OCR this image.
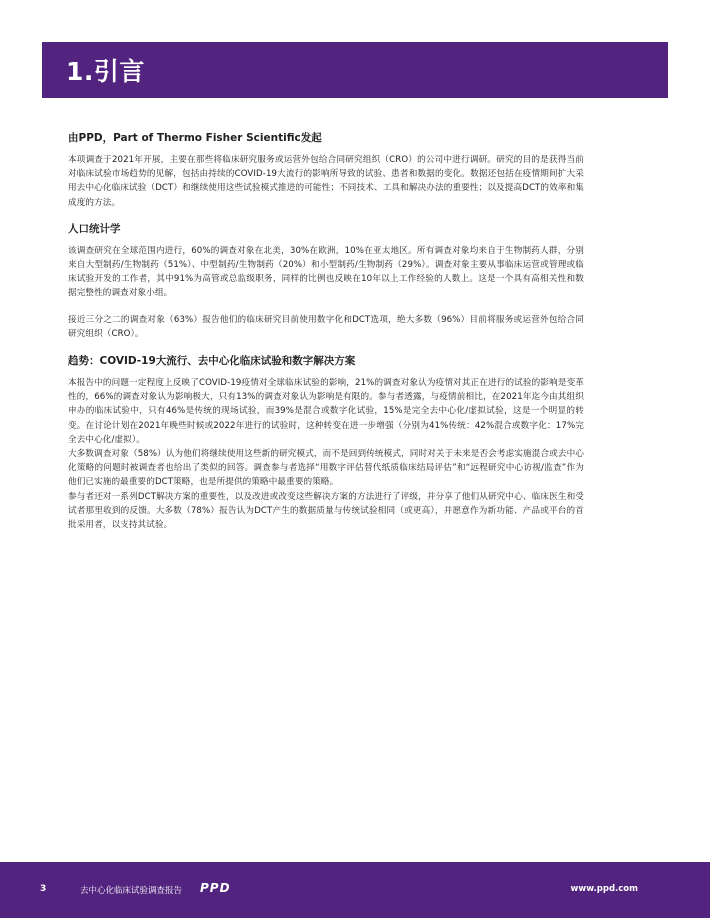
1.引言
由PPD，Part of Thermo Fisher Scientific发起

本项调查于2021年开展，主要在那些将临床研究服务或运营外包给合同研究组织（CRO）的公司中进行调研。研究的目的是获得当前对临床试验市场趋势的见解，包括由持续的COVID-19大流行的影响所导致的试验、患者和数据的变化。数据还包括在疫情期间扩大采用去中心化临床试验（DCT）和继续使用这些试验模式推进的可能性；不同技术、工具和解决办法的重要性；以及提高DCT的效率和集成度的方法。

人口统计学

该调查研究在全球范围内进行，60%的调查对象在北美，30%在欧洲，10%在亚太地区。所有调查对象均来自于生物制药人群，分别来自大型制药/生物制药（51%）、中型制药/生物制药（20%）和小型制药/生物制药（29%）。调查对象主要从事临床运营或管理或临床试验开发的工作者，其中91%为高管或总监级职务，同样的比例也反映在10年以上工作经验的人数上。这是一个具有高相关性和数据完整性的调查对象小组。

接近三分之二的调查对象（63%）报告他们的临床研究目前使用数字化和DCT选项，绝大多数（96%）目前将服务或运营外包给合同研究组织（CRO）。

趋势：COVID-19大流行、去中心化临床试验和数字解决方案

本报告中的问题一定程度上反映了COVID-19疫情对全球临床试验的影响，21%的调查对象认为疫情对其正在进行的试验的影响是变革性的，66%的调查对象认为影响极大，只有13%的调查对象认为影响是有限的。参与者透露，与疫情前相比，在2021年迄今由其组织申办的临床试验中，只有46%是传统的现场试验，而39%是混合或数字化试验，15%是完全去中心化/虚拟试验，这是一个明显的转变。在讨论计划在2021年晚些时候或2022年进行的试验时，这种转变在进一步增强（分别为41%传统：42%混合或数字化：17%完全去中心化/虚拟）。

大多数调查对象（58%）认为他们将继续使用这些新的研究模式，而不是回到传统模式，同时对关于未来是否会考虑实施混合或去中心化策略的问题时被调查者也给出了类似的回答。调查参与者选择“用数字评估替代纸质临床结局评估”和“远程研究中心访视/监查”作为他们已实施的最重要的DCT策略，也是所提供的策略中最重要的策略。

参与者还对一系列DCT解决方案的重要性，以及改进或改变这些解决方案的方法进行了评级，并分享了他们从研究中心、临床医生和受试者那里收到的反馈。大多数（78%）报告认为DCT产生的数据质量与传统试验相同（或更高），并愿意作为新功能、产品或平台的首批采用者，以支持其试验。

3	去中心化临床试验调查报告 PPD	www.ppd.com
